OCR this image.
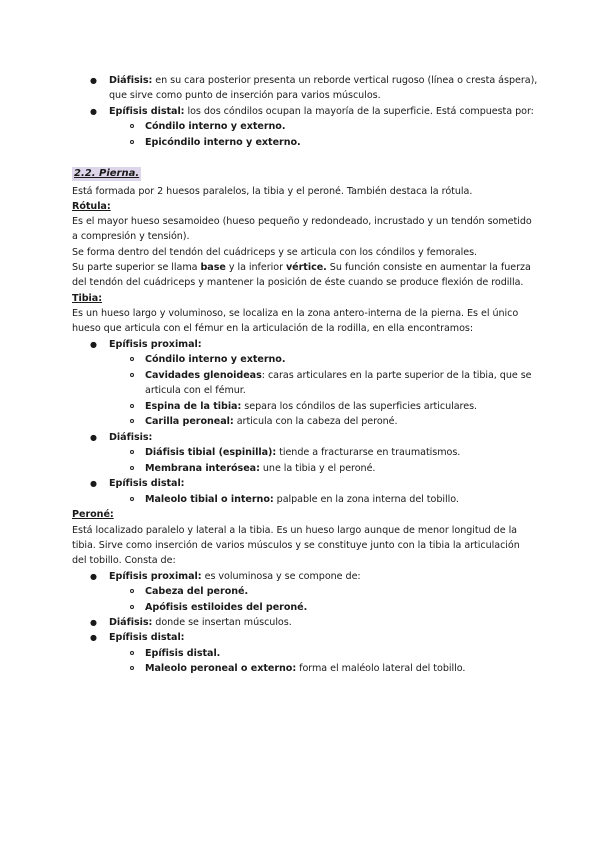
● Diáfisis: en su cara posterior presenta un reborde vertical rugoso (línea o cresta áspera),
que sirve como punto de inserción para varios músculos.
● Epífisis distal: los dos cóndilos ocupan la mayoría de la superficie. Está compuesta por:
Cóndilo interno y externo.
Epicóndilo interno y externo.
2.2. Pierna.
Está formada por 2 huesos paralelos, la tibia y el peroné. También destaca la rótula.
Rótula:
Es el mayor hueso sesamoideo (hueso pequeño y redondeado, incrustado y un tendón sometido
a compresión y tensión).
Se forma dentro del tendón del cuádriceps y se articula con los cóndilos y femorales.
Su parte superior se llama base y la inferior vértice. Su función consiste en aumentar la fuerza
del tendón del cuádriceps y mantener la posición de éste cuando se produce flexión de rodilla.
Tibia:
Es un hueso largo y voluminoso, se localiza en la zona antero-interna de la pierna. Es el único
hueso que articula con el fémur en la articulación de la rodilla, en ella encontramos:
● Epífisis proximal:
Cóndilo interno y externo.
Cavidades glenoideas: caras articulares en la parte superior de la tibia, que se
articula con el fémur.
Espina de la tibia: separa los cóndilos de las superficies articulares.
Carilla peroneal: articula con la cabeza del peroné.
● Diáfisis:
Diáfisis tibial (espinilla): tiende a fracturarse en traumatismos.
Membrana interósea: une la tibia y el peroné.
● Epífisis distal:
Maleolo tibial o interno: palpable en la zona interna del tobillo.
Peroné:
Está localizado paralelo y lateral a la tibia. Es un hueso largo aunque de menor longitud de la
tibia. Sirve como inserción de varios músculos y se constituye junto con la tibia la articulación
del tobillo. Consta de:
● Epífisis proximal: es voluminosa y se compone de:
Cabeza del peroné.
Apófisis estiloides del peroné.
● Diáfisis: donde se insertan músculos.
● Epífisis distal:
Epífisis distal.
Maleolo peroneal o externo: forma el maléolo lateral del tobillo.
